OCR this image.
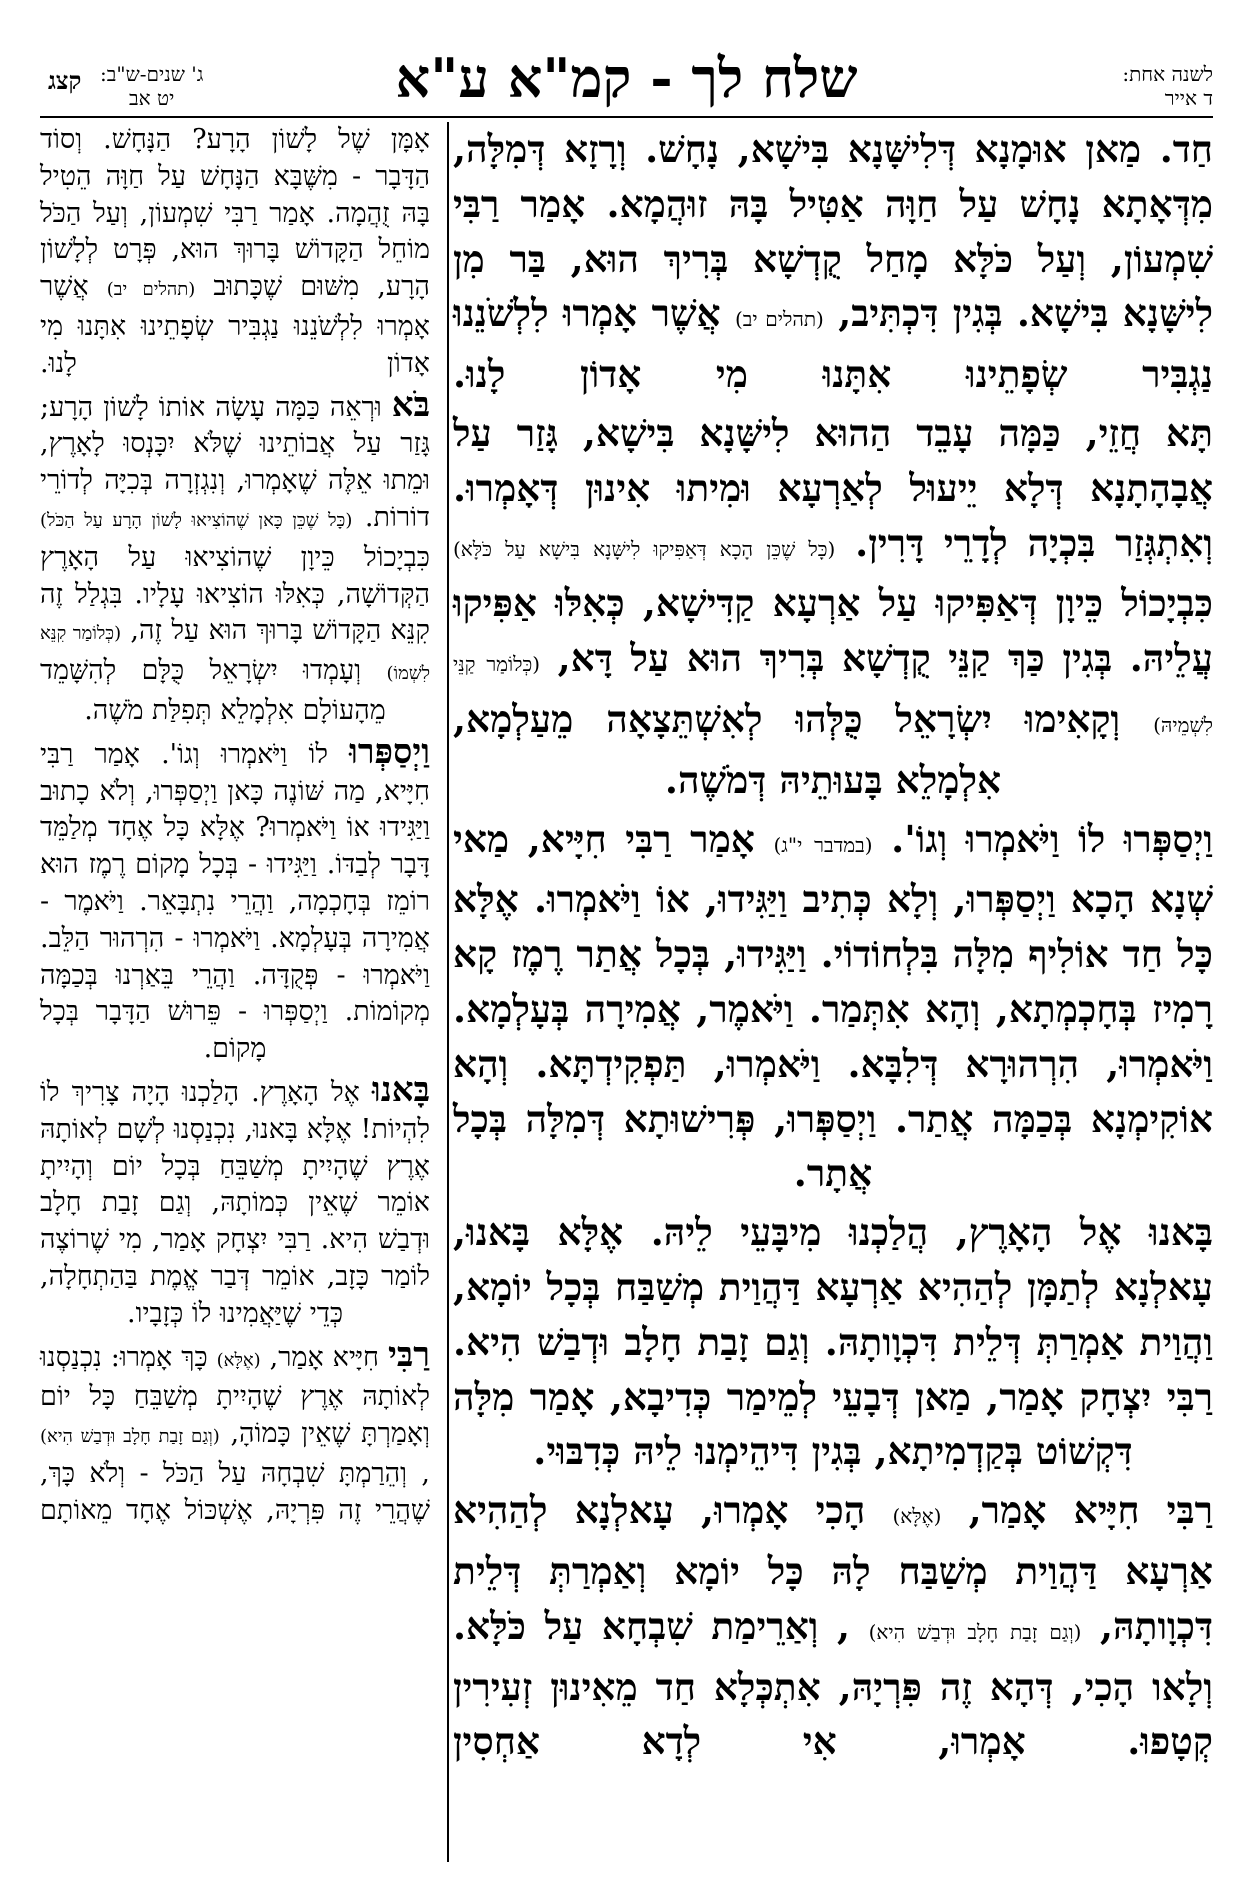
לשנה אחת:
ד אייר
שלח לך - קמ"א ע"א
ג' שנים-ש"ב:
יט אב
קצג

חַד. מַאן אוּמָנָא דְּלִישָּׁנָא בִּישָׁא, נָחָשׁ. וְרָזָא דְּמִלָּה, מִדְּאָתָא נָחָשׁ עַל חַוָּה אַטִּיל בָּהּ זוּהֲמָא. אָמַר רַבִּי שִׁמְעוֹן, וְעַל כֹּלָּא מָחַל קֻדְשָׁא בְּרִיךְ הוּא, בַּר מִן לִישָּׁנָא בִּישָׁא. בְּגִין דִּכְתִּיב, (תהלים יב) אֲשֶׁר אָמְרוּ לִלְשֹׁנֵנוּ נַגְבִּיר שְׂפָתֵינוּ אִתָּנוּ מִי אָדוֹן לָנוּ.

תָּא חֲזֵי, כַּמָּה עָבֵד הַהוּא לִישָּׁנָא בִּישָׁא, גָּזַר עַל אֲבָהָתָנָא דְּלָא יֵיעוּל לְאַרְעָא וּמִיתוּ אִינוּן דְּאָמְרוּ. וְאִתְגְּזַר בִּכְיָה לְדָרֵי דָּרִין. (כָּל שֶׁכֵּן הָכָא דְּאַפִּיקוּ לִישָּׁנָא בִּישָׁא עַל כֹּלָּא) כִּבְיָכוֹל כֵּיוָן דְּאַפִּיקוּ עַל אַרְעָא קַדִּישָׁא, כְּאִלּוּ אַפִּיקוּ עֲלֵיהּ. בְּגִין כַּךְ קַנֵּי קֻדְשָׁא בְּרִיךְ הוּא עַל דָּא, (כְּלוֹמַר קַנֵּי לִשְׁמֵיהּ) וְקָאִימוּ יִשְׂרָאֵל כֻּלְּהוּ לְאִשְׁתֵּצָאָה מֵעַלְמָא, אִלְמָלֵא בָּעוּתֵיהּ דְּמֹשֶׁה.

וַיְסַפְּרוּ לוֹ וַיֹּאמְרוּ וְגוֹ'. (במדבר י"ג) אָמַר רַבִּי חִיָּיא, מַאי שְׁנָא הָכָא וַיְסַפְּרוּ, וְלָא כְּתִיב וַיַּגִּידוּ, אוֹ וַיֹּאמְרוּ. אֶלָּא כָּל חַד אוֹלִיף מִלָּה בִּלְחוֹדוֹי. וַיַּגִּידוּ, בְּכָל אֲתַר רֶמֶז קָא רָמִיז בְּחָכְמְתָא, וְהָא אִתְּמַר. וַיֹּאמֶר, אֲמִירָה בְּעָלְמָא. וַיֹּאמְרוּ, הִרְהוּרָא דְּלִבָּא. וַיֹּאמְרוּ, תַּפְקִידְתָּא. וְהָא אוֹקִימְנָא בְּכַמָּה אֲתַר. וַיְסַפְּרוּ, פְּרִישׁוּתָא דְּמִלָּה בְּכָל אֲתָר.

בָּאנוּ אֶל הָאָרֶץ, הֲלַכְנוּ מִיבָּעֵי לֵיהּ. אֶלָּא בָּאנוּ, עָאלְנָא לְתַמָּן לְהַהִיא אַרְעָא דַּהֲוַית מְשַׁבַּח בְּכָל יוֹמָא, וַהֲוַית אַמְרַתְּ דְּלֵית דִּכְוָותָהּ. וְגַם זָבַת חָלָב וּדְבַשׁ הִיא. רַבִּי יִצְחָק אָמַר, מַאן דְּבָעֵי לְמֵימַר כְּדִיבָא, אָמַר מִלָּה דִּקְשׁוֹט בְּקַדְמִיתָא, בְּגִין דִּיהֵימְנוּ לֵיהּ כְּדִבּוּי.

רַבִּי חִיָּיא אָמַר, (אֶלָּא) הָכִי אָמְרוּ, עָאלְנָא לְהַהִיא אַרְעָא דַּהֲוַית מְשַׁבַּח לָהּ כָּל יוֹמָא וְאַמְרַתְּ דְּלֵית דִּכְוָותָהּ, (וְגַם זָבַת חָלָב וּדְבַשׁ הִיא) , וְאַרֵימַת שִׁבְחָא עַל כֹּלָּא. וְלָאו הָכִי, דְּהָא זֶה פִּרְיָהּ, אִתְכְּלָא חַד מֵאִינוּן זְעִירִין קְטָפוּ. אָמְרוּ, אִי לְדָא אַחְסִין

אָמָּן שֶׁל לָשׁוֹן הָרָע? הַנָּחָשׁ. וְסוֹד הַדָּבָר - מִשֶּׁבָּא הַנָּחָשׁ עַל חַוָּה הֵטִיל בָּהּ זֻהֲמָה. אָמַר רַבִּי שִׁמְעוֹן, וְעַל הַכֹּל מוֹחֵל הַקָּדוֹשׁ בָּרוּךְ הוּא, פְּרָט לְלָשׁוֹן הָרָע, מִשּׁוּם שֶׁכָּתוּב (תהלים יב) אֲשֶׁר אָמְרוּ לִלְשֹׁנֵנוּ נַגְבִּיר שְׂפָתֵינוּ אִתָּנוּ מִי אָדוֹן לָנוּ.

בֹּא וּרְאֵה כַּמָּה עָשָׂה אוֹתוֹ לָשׁוֹן הָרָע; גָּזַר עַל אֲבוֹתֵינוּ שֶׁלֹּא יִכָּנְסוּ לָאָרֶץ, וּמֵתוּ אֵלֶּה שֶׁאָמְרוּ, וְנִגְזְרָה בְּכִיָּה לְדוֹרֵי דוֹרוֹת. (כָּל שֶׁכֵּן כָּאן שֶׁהוֹצִיאוּ לָשׁוֹן הָרָע עַל הַכֹּל) כִּבְיָכוֹל כֵּיוָן שֶׁהוֹצִיאוּ עַל הָאָרֶץ הַקְּדוֹשָׁה, כְּאִלּוּ הוֹצִיאוּ עָלָיו. בִּגְלַל זֶה קִנֵּא הַקָּדוֹשׁ בָּרוּךְ הוּא עַל זֶה, (כְּלוֹמַר קִנֵּא לִשְׁמוֹ) וְעָמְדוּ יִשְׂרָאֵל כֻּלָּם לְהִשָּׁמֵד מֵהָעוֹלָם אִלְמָלֵא תְּפִלַּת מֹשֶׁה.

וַיְסַפְּרוּ לוֹ וַיֹּאמְרוּ וְגוֹ'. אָמַר רַבִּי חִיָּיא, מַה שּׁוֹנֶה כָּאן וַיְסַפְּרוּ, וְלֹא כָתוּב וַיַּגִּידוּ אוֹ וַיֹּאמְרוּ? אֶלָּא כָּל אֶחָד מְלַמֵּד דָּבָר לְבַדּוֹ. וַיַּגִּידוּ - בְּכָל מָקוֹם רֶמֶז הוּא רוֹמֵז בְּחָכְמָה, וַהֲרֵי נִתְבָּאֵר. וַיֹּאמֶר - אֲמִירָה בְּעָלְמָא. וַיֹּאמְרוּ - הִרְהוּר הַלֵּב. וַיֹּאמְרוּ - פְּקֻדָּה. וַהֲרֵי בֵּאַרְנוּ בְּכַמָּה מְקוֹמוֹת. וַיְסַפְּרוּ - פֵּרוּשׁ הַדָּבָר בְּכָל מָקוֹם.

בָּאנוּ אֶל הָאָרֶץ. הָלַכְנוּ הָיָה צָרִיךְ לוֹ לִהְיוֹת! אֶלָּא בָּאנוּ, נִכְנַסְנוּ לְשָׁם לְאוֹתָהּ אֶרֶץ שֶׁהָיִיתָ מְשַׁבֵּחַ בְּכָל יוֹם וְהָיִיתָ אוֹמֵר שֶׁאֵין כְּמוֹתָהּ, וְגַם זָבַת חָלָב וּדְבַשׁ הִיא. רַבִּי יִצְחָק אָמַר, מִי שֶׁרוֹצֶה לוֹמַר כָּזָב, אוֹמֵר דְּבַר אֱמֶת בַּהַתְחָלָה, כְּדֵי שֶׁיַּאֲמִינוּ לוֹ כְּזָבָיו.

רַבִּי חִיָּיא אָמַר, (אֶלָּא) כָּךְ אָמְרוּ: נִכְנַסְנוּ לְאוֹתָהּ אֶרֶץ שֶׁהָיִיתָ מְשַׁבֵּחַ כָּל יוֹם וְאָמַרְתָּ שֶׁאֵין כָּמוֹהָ, (וְגַם זָבַת חָלָב וּדְבַשׁ הִיא) , וְהֵרַמְתָּ שִׁבְחָהּ עַל הַכֹּל - וְלֹא כָּךְ, שֶׁהֲרֵי זֶה פִּרְיָהּ, אֶשְׁכּוֹל אֶחָד מֵאוֹתָם
